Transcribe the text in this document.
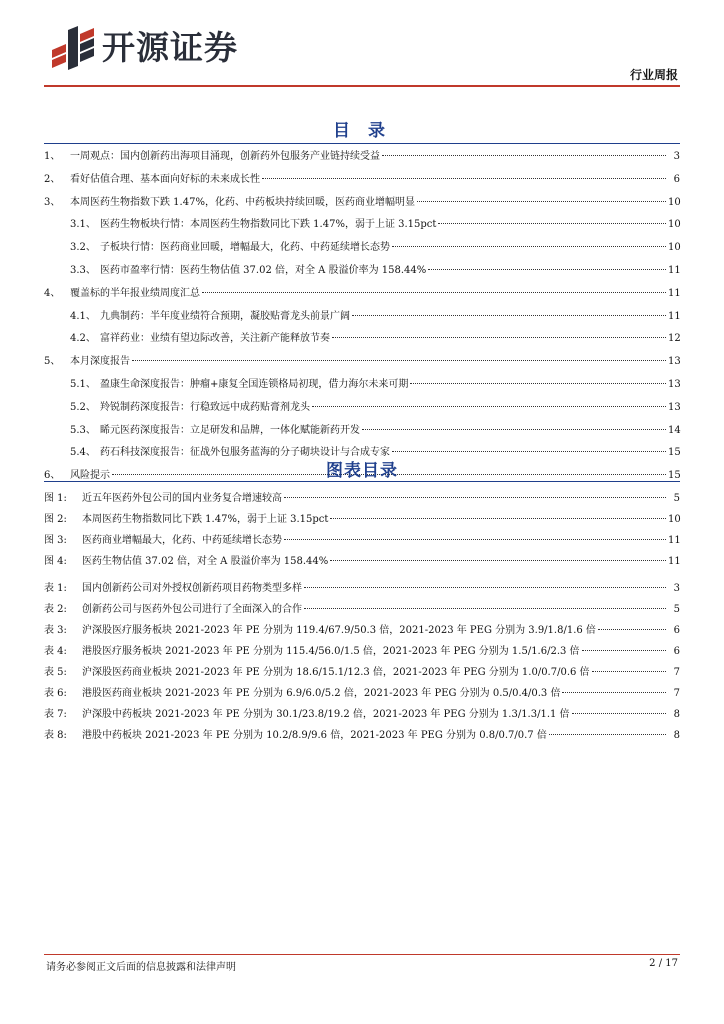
开源证券
行业周报
目 录
1、 一周观点：国内创新药出海项目涌现，创新药外包服务产业链持续受益	3
2、 看好估值合理、基本面向好标的未来成长性	6
3、 本周医药生物指数下跌 1.47%，化药、中药板块持续回暖，医药商业增幅明显	10
3.1、 医药生物板块行情：本周医药生物指数同比下跌 1.47%，弱于上证 3.15pct	10
3.2、 子板块行情：医药商业回暖，增幅最大，化药、中药延续增长态势	10
3.3、 医药市盈率行情：医药生物估值 37.02 倍，对全 A 股溢价率为 158.44%	11
4、 覆盖标的半年报业绩周度汇总	11
4.1、 九典制药：半年度业绩符合预期，凝胶贴膏龙头前景广阔	11
4.2、 富祥药业：业绩有望边际改善，关注新产能释放节奏	12
5、 本月深度报告	13
5.1、 盈康生命深度报告：肿瘤+康复全国连锁格局初现，借力海尔未来可期	13
5.2、 羚锐制药深度报告：行稳致远中成药贴膏剂龙头	13
5.3、 睎元医药深度报告：立足研发和品牌，一体化赋能新药开发	14
5.4、 药石科技深度报告：征战外包服务蓝海的分子砌块设计与合成专家	15
6、 风险提示	15
图表目录
图 1:	近五年医药外包公司的国内业务复合增速较高	5
图 2:	本周医药生物指数同比下跌 1.47%，弱于上证 3.15pct	10
图 3:	医药商业增幅最大，化药、中药延续增长态势	11
图 4:	医药生物估值 37.02 倍，对全 A 股溢价率为 158.44%	11
表 1:	国内创新药公司对外授权创新药项目药物类型多样	3
表 2:	创新药公司与医药外包公司进行了全面深入的合作	5
表 3:	沪深股医疗服务板块 2021-2023 年 PE 分别为 119.4/67.9/50.3 倍，2021-2023 年 PEG 分别为 3.9/1.8/1.6 倍	6
表 4:	港股医疗服务板块 2021-2023 年 PE 分别为 115.4/56.0/1.5 倍，2021-2023 年 PEG 分别为 1.5/1.6/2.3 倍	6
表 5:	沪深股医药商业板块 2021-2023 年 PE 分别为 18.6/15.1/12.3 倍，2021-2023 年 PEG 分别为 1.0/0.7/0.6 倍	7
表 6:	港股医药商业板块 2021-2023 年 PE 分别为 6.9/6.0/5.2 倍，2021-2023 年 PEG 分别为 0.5/0.4/0.3 倍	7
表 7:	沪深股中药板块 2021-2023 年 PE 分别为 30.1/23.8/19.2 倍，2021-2023 年 PEG 分别为 1.3/1.3/1.1 倍	8
表 8:	港股中药板块 2021-2023 年 PE 分别为 10.2/8.9/9.6 倍，2021-2023 年 PEG 分别为 0.8/0.7/0.7 倍	8
请务必参阅正文后面的信息披露和法律声明	2 / 17
